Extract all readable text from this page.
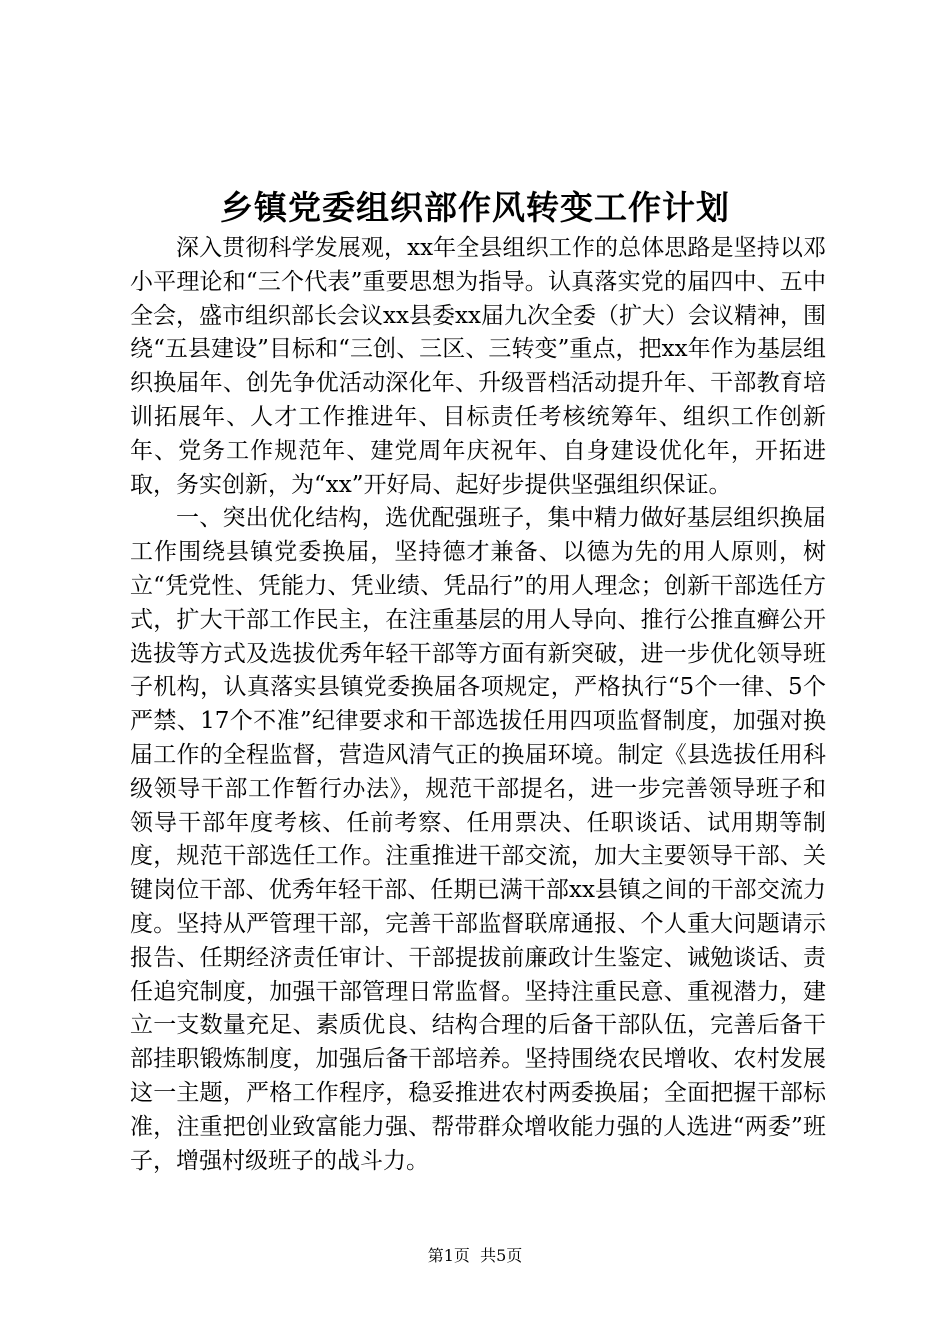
乡镇党委组织部作风转变工作计划

深入贯彻科学发展观，xx年全县组织工作的总体思路是坚持以邓小平理论和“三个代表”重要思想为指导。认真落实党的届四中、五中全会，盛市组织部长会议xx县委xx届九次全委（扩大）会议精神，围绕“五县建设”目标和“三创、三区、三转变”重点，把xx年作为基层组织换届年、创先争优活动深化年、升级晋档活动提升年、干部教育培训拓展年、人才工作推进年、目标责任考核统筹年、组织工作创新年、党务工作规范年、建党周年庆祝年、自身建设优化年，开拓进取，务实创新，为“xx”开好局、起好步提供坚强组织保证。

一、突出优化结构，选优配强班子，集中精力做好基层组织换届工作围绕县镇党委换届，坚持德才兼备、以德为先的用人原则，树立“凭党性、凭能力、凭业绩、凭品行”的用人理念；创新干部选任方式，扩大干部工作民主，在注重基层的用人导向、推行公推直癣公开选拔等方式及选拔优秀年轻干部等方面有新突破，进一步优化领导班子机构，认真落实县镇党委换届各项规定，严格执行“5个一律、5个严禁、17个不准”纪律要求和干部选拔任用四项监督制度，加强对换届工作的全程监督，营造风清气正的换届环境。制定《县选拔任用科级领导干部工作暂行办法》，规范干部提名，进一步完善领导班子和领导干部年度考核、任前考察、任用票决、任职谈话、试用期等制度，规范干部选任工作。注重推进干部交流，加大主要领导干部、关键岗位干部、优秀年轻干部、任期已满干部xx县镇之间的干部交流力度。坚持从严管理干部，完善干部监督联席通报、个人重大问题请示报告、任期经济责任审计、干部提拔前廉政计生鉴定、诫勉谈话、责任追究制度，加强干部管理日常监督。坚持注重民意、重视潜力，建立一支数量充足、素质优良、结构合理的后备干部队伍，完善后备干部挂职锻炼制度，加强后备干部培养。坚持围绕农民增收、农村发展这一主题，严格工作程序，稳妥推进农村两委换届；全面把握干部标准，注重把创业致富能力强、帮带群众增收能力强的人选进“两委”班子，增强村级班子的战斗力。

第1页 共5页
